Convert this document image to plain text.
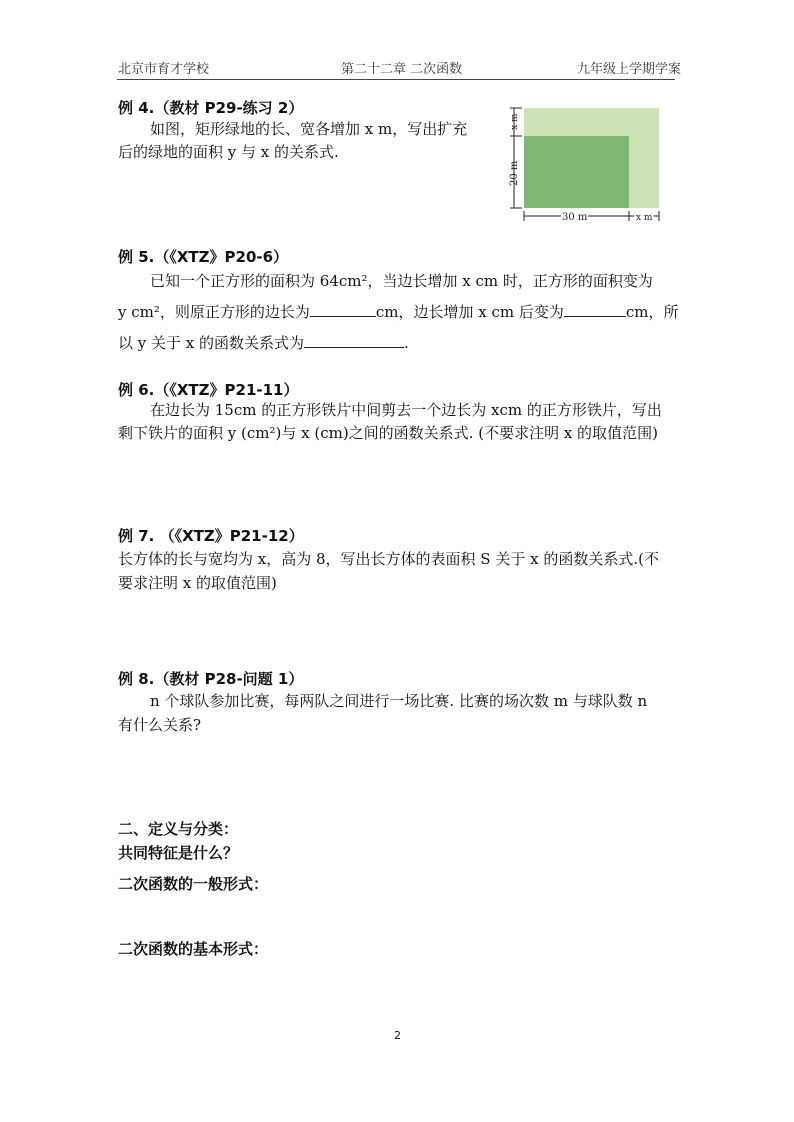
北京市育才学校	第二十二章 二次函数	九年级上学期学案
例 4.（教材 P29-练习 2）
如图，矩形绿地的长、宽各增加 x m，写出扩充
后的绿地的面积 y 与 x 的关系式.
x m
20 m
30 m	x m
例 5.（《XTZ》P20-6）
已知一个正方形的面积为 64cm²，当边长增加 x cm 时，正方形的面积变为
y cm²，则原正方形的边长为	cm，边长增加 x cm 后变为	cm，所
以 y 关于 x 的函数关系式为	.
例 6.（《XTZ》P21-11）
在边长为 15cm 的正方形铁片中间剪去一个边长为 xcm 的正方形铁片，写出
剩下铁片的面积 y (cm²)与 x (cm)之间的函数关系式. (不要求注明 x 的取值范围)
例 7. （《XTZ》P21-12）
长方体的长与宽均为 x，高为 8，写出长方体的表面积 S 关于 x 的函数关系式.(不
要求注明 x 的取值范围)
例 8.（教材 P28-问题 1）
n 个球队参加比赛，每两队之间进行一场比赛. 比赛的场次数 m 与球队数 n
有什么关系?
二、定义与分类：
共同特征是什么？
二次函数的一般形式：
二次函数的基本形式：
2
